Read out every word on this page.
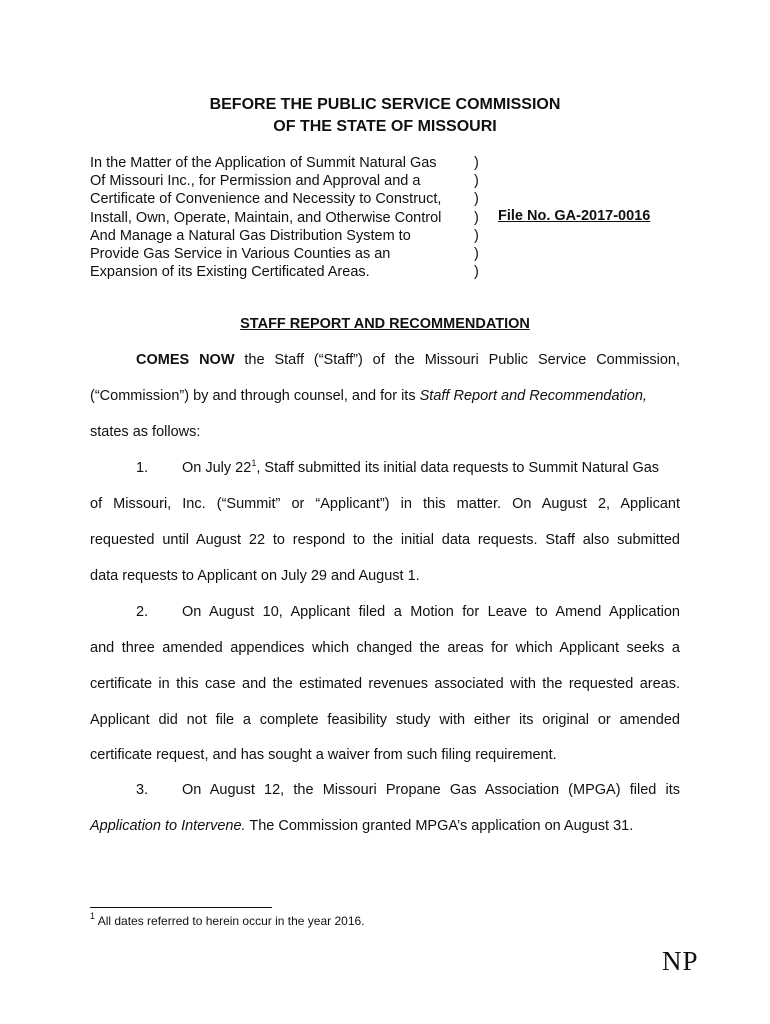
BEFORE THE PUBLIC SERVICE COMMISSION
OF THE STATE OF MISSOURI
In the Matter of the Application of Summit Natural Gas
Of Missouri Inc., for Permission and Approval and a
Certificate of Convenience and Necessity to Construct,
Install, Own, Operate, Maintain, and Otherwise Control
And Manage a Natural Gas Distribution System to
Provide Gas Service in Various Counties as an
Expansion of its Existing Certificated Areas.
)
)
)
)
)
)
)
File No. GA-2017-0016
STAFF REPORT AND RECOMMENDATION
COMES NOW the Staff (“Staff”) of the Missouri Public Service Commission,
(“Commission”) by and through counsel, and for its Staff Report and Recommendation,
states as follows:
1. On July $22^1$, Staff submitted its initial data requests to Summit Natural Gas
of Missouri, Inc. (“Summit” or “Applicant”) in this matter. On August 2, Applicant
requested until August 22 to respond to the initial data requests. Staff also submitted
data requests to Applicant on July 29 and August 1.
2. On August 10, Applicant filed a Motion for Leave to Amend Application
and three amended appendices which changed the areas for which Applicant seeks a
certificate in this case and the estimated revenues associated with the requested areas.
Applicant did not file a complete feasibility study with either its original or amended
certificate request, and has sought a waiver from such filing requirement.
3. On August 12, the Missouri Propane Gas Association (MPGA) filed its
Application to Intervene. The Commission granted MPGA’s application on August 31.
$^1$ All dates referred to herein occur in the year 2016.
NP
